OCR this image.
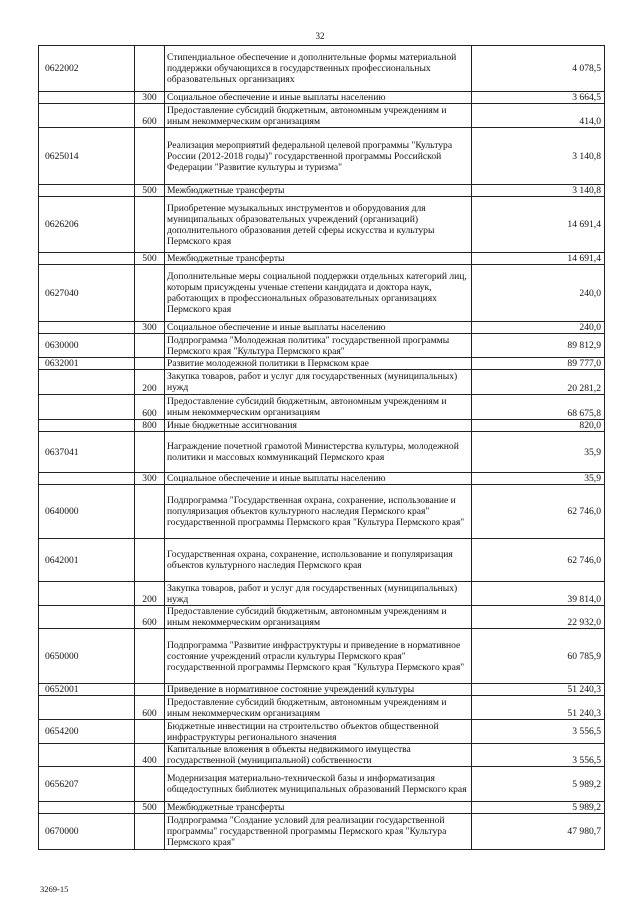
32
0622002		Стипендиальное обеспечение и дополнительные формы материальной поддержки обучающихся в государственных профессиональных образовательных организациях	4 078,5
	300	Социальное обеспечение и иные выплаты населению	3 664,5
	600	Предоставление субсидий бюджетным, автономным учреждениям и иным некоммерческим организациям	414,0
0625014		Реализация мероприятий федеральной целевой программы "Культура России (2012-2018 годы)" государственной программы Российской Федерации "Развитие культуры и туризма"	3 140,8
	500	Межбюджетные трансферты	3 140,8
0626206		Приобретение музыкальных инструментов и оборудования для муниципальных образовательных учреждений (организаций) дополнительного образования детей сферы искусства и культуры Пермского края	14 691,4
	500	Межбюджетные трансферты	14 691,4
0627040		Дополнительные меры социальной поддержки отдельных категорий лиц, которым присуждены ученые степени кандидата и доктора наук, работающих в профессиональных образовательных организациях Пермского края	240,0
	300	Социальное обеспечение и иные выплаты населению	240,0
0630000		Подпрограмма "Молодежная политика" государственной программы Пермского края "Культура Пермского края"	89 812,9
0632001		Развитие молодежной политики в Пермском крае	89 777,0
	200	Закупка товаров, работ и услуг для государственных (муниципальных) нужд	20 281,2
	600	Предоставление субсидий бюджетным, автономным учреждениям и иным некоммерческим организациям	68 675,8
	800	Иные бюджетные ассигнования	820,0
0637041		Награждение почетной грамотой Министерства культуры, молодежной политики и массовых коммуникаций Пермского края	35,9
	300	Социальное обеспечение и иные выплаты населению	35,9
0640000		Подпрограмма "Государственная охрана, сохранение, использование и популяризация объектов культурного наследия Пермского края" государственной программы Пермского края "Культура Пермского края"	62 746,0
0642001		Государственная охрана, сохранение, использование и популяризация объектов культурного наследия Пермского края	62 746,0
	200	Закупка товаров, работ и услуг для государственных (муниципальных) нужд	39 814,0
	600	Предоставление субсидий бюджетным, автономным учреждениям и иным некоммерческим организациям	22 932,0
0650000		Подпрограмма "Развитие инфраструктуры и приведение в нормативное состояние учреждений отрасли культуры Пермского края" государственной программы Пермского края "Культура Пермского края"	60 785,9
0652001		Приведение в нормативное состояние учреждений культуры	51 240,3
	600	Предоставление субсидий бюджетным, автономным учреждениям и иным некоммерческим организациям	51 240,3
0654200		Бюджетные инвестиции на строительство объектов общественной инфраструктуры регионального значения	3 556,5
	400	Капитальные вложения в объекты недвижимого имущества государственной (муниципальной) собственности	3 556,5
0656207		Модернизация материально-технической базы и информатизация общедоступных библиотек муниципальных образований Пермского края	5 989,2
	500	Межбюджетные трансферты	5 989,2
0670000		Подпрограмма "Создание условий для реализации государственной программы" государственной программы Пермского края "Культура Пермского края"	47 980,7
3269-15
